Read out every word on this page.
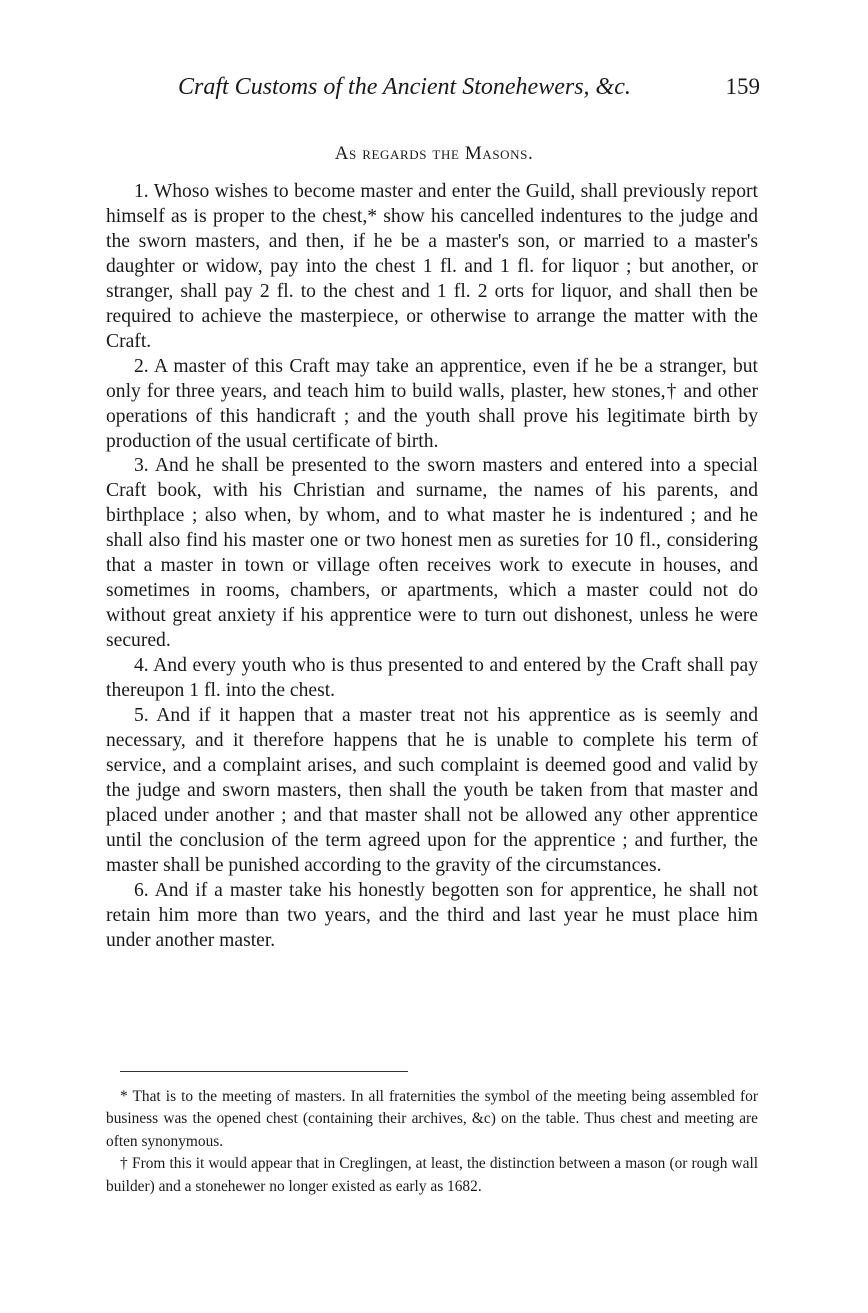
Craft Customs of the Ancient Stonehewers, &c.	159
As regards the Masons.

1. Whoso wishes to become master and enter the Guild, shall previously report himself as is proper to the chest,* show his cancelled indentures to the judge and the sworn masters, and then, if he be a master's son, or married to a master's daughter or widow, pay into the chest 1 fl. and 1 fl. for liquor ; but another, or stranger, shall pay 2 fl. to the chest and 1 fl. 2 orts for liquor, and shall then be required to achieve the masterpiece, or otherwise to arrange the matter with the Craft.

2. A master of this Craft may take an apprentice, even if he be a stranger, but only for three years, and teach him to build walls, plaster, hew stones,† and other operations of this handicraft ; and the youth shall prove his legitimate birth by production of the usual certificate of birth.

3. And he shall be presented to the sworn masters and entered into a special Craft book, with his Christian and surname, the names of his parents, and birthplace ; also when, by whom, and to what master he is indentured ; and he shall also find his master one or two honest men as sureties for 10 fl., considering that a master in town or village often receives work to execute in houses, and sometimes in rooms, chambers, or apartments, which a master could not do without great anxiety if his apprentice were to turn out dishonest, unless he were secured.

4. And every youth who is thus presented to and entered by the Craft shall pay thereupon 1 fl. into the chest.

5. And if it happen that a master treat not his apprentice as is seemly and necessary, and it therefore happens that he is unable to complete his term of service, and a complaint arises, and such complaint is deemed good and valid by the judge and sworn masters, then shall the youth be taken from that master and placed under another ; and that master shall not be allowed any other apprentice until the conclusion of the term agreed upon for the apprentice ; and further, the master shall be punished according to the gravity of the circumstances.

6. And if a master take his honestly begotten son for apprentice, he shall not retain him more than two years, and the third and last year he must place him under another master.

* That is to the meeting of masters. In all fraternities the symbol of the meeting being assembled for business was the opened chest (containing their archives, &c) on the table. Thus chest and meeting are often synonymous.

† From this it would appear that in Creglingen, at least, the distinction between a mason (or rough wall builder) and a stonehewer no longer existed as early as 1682.
